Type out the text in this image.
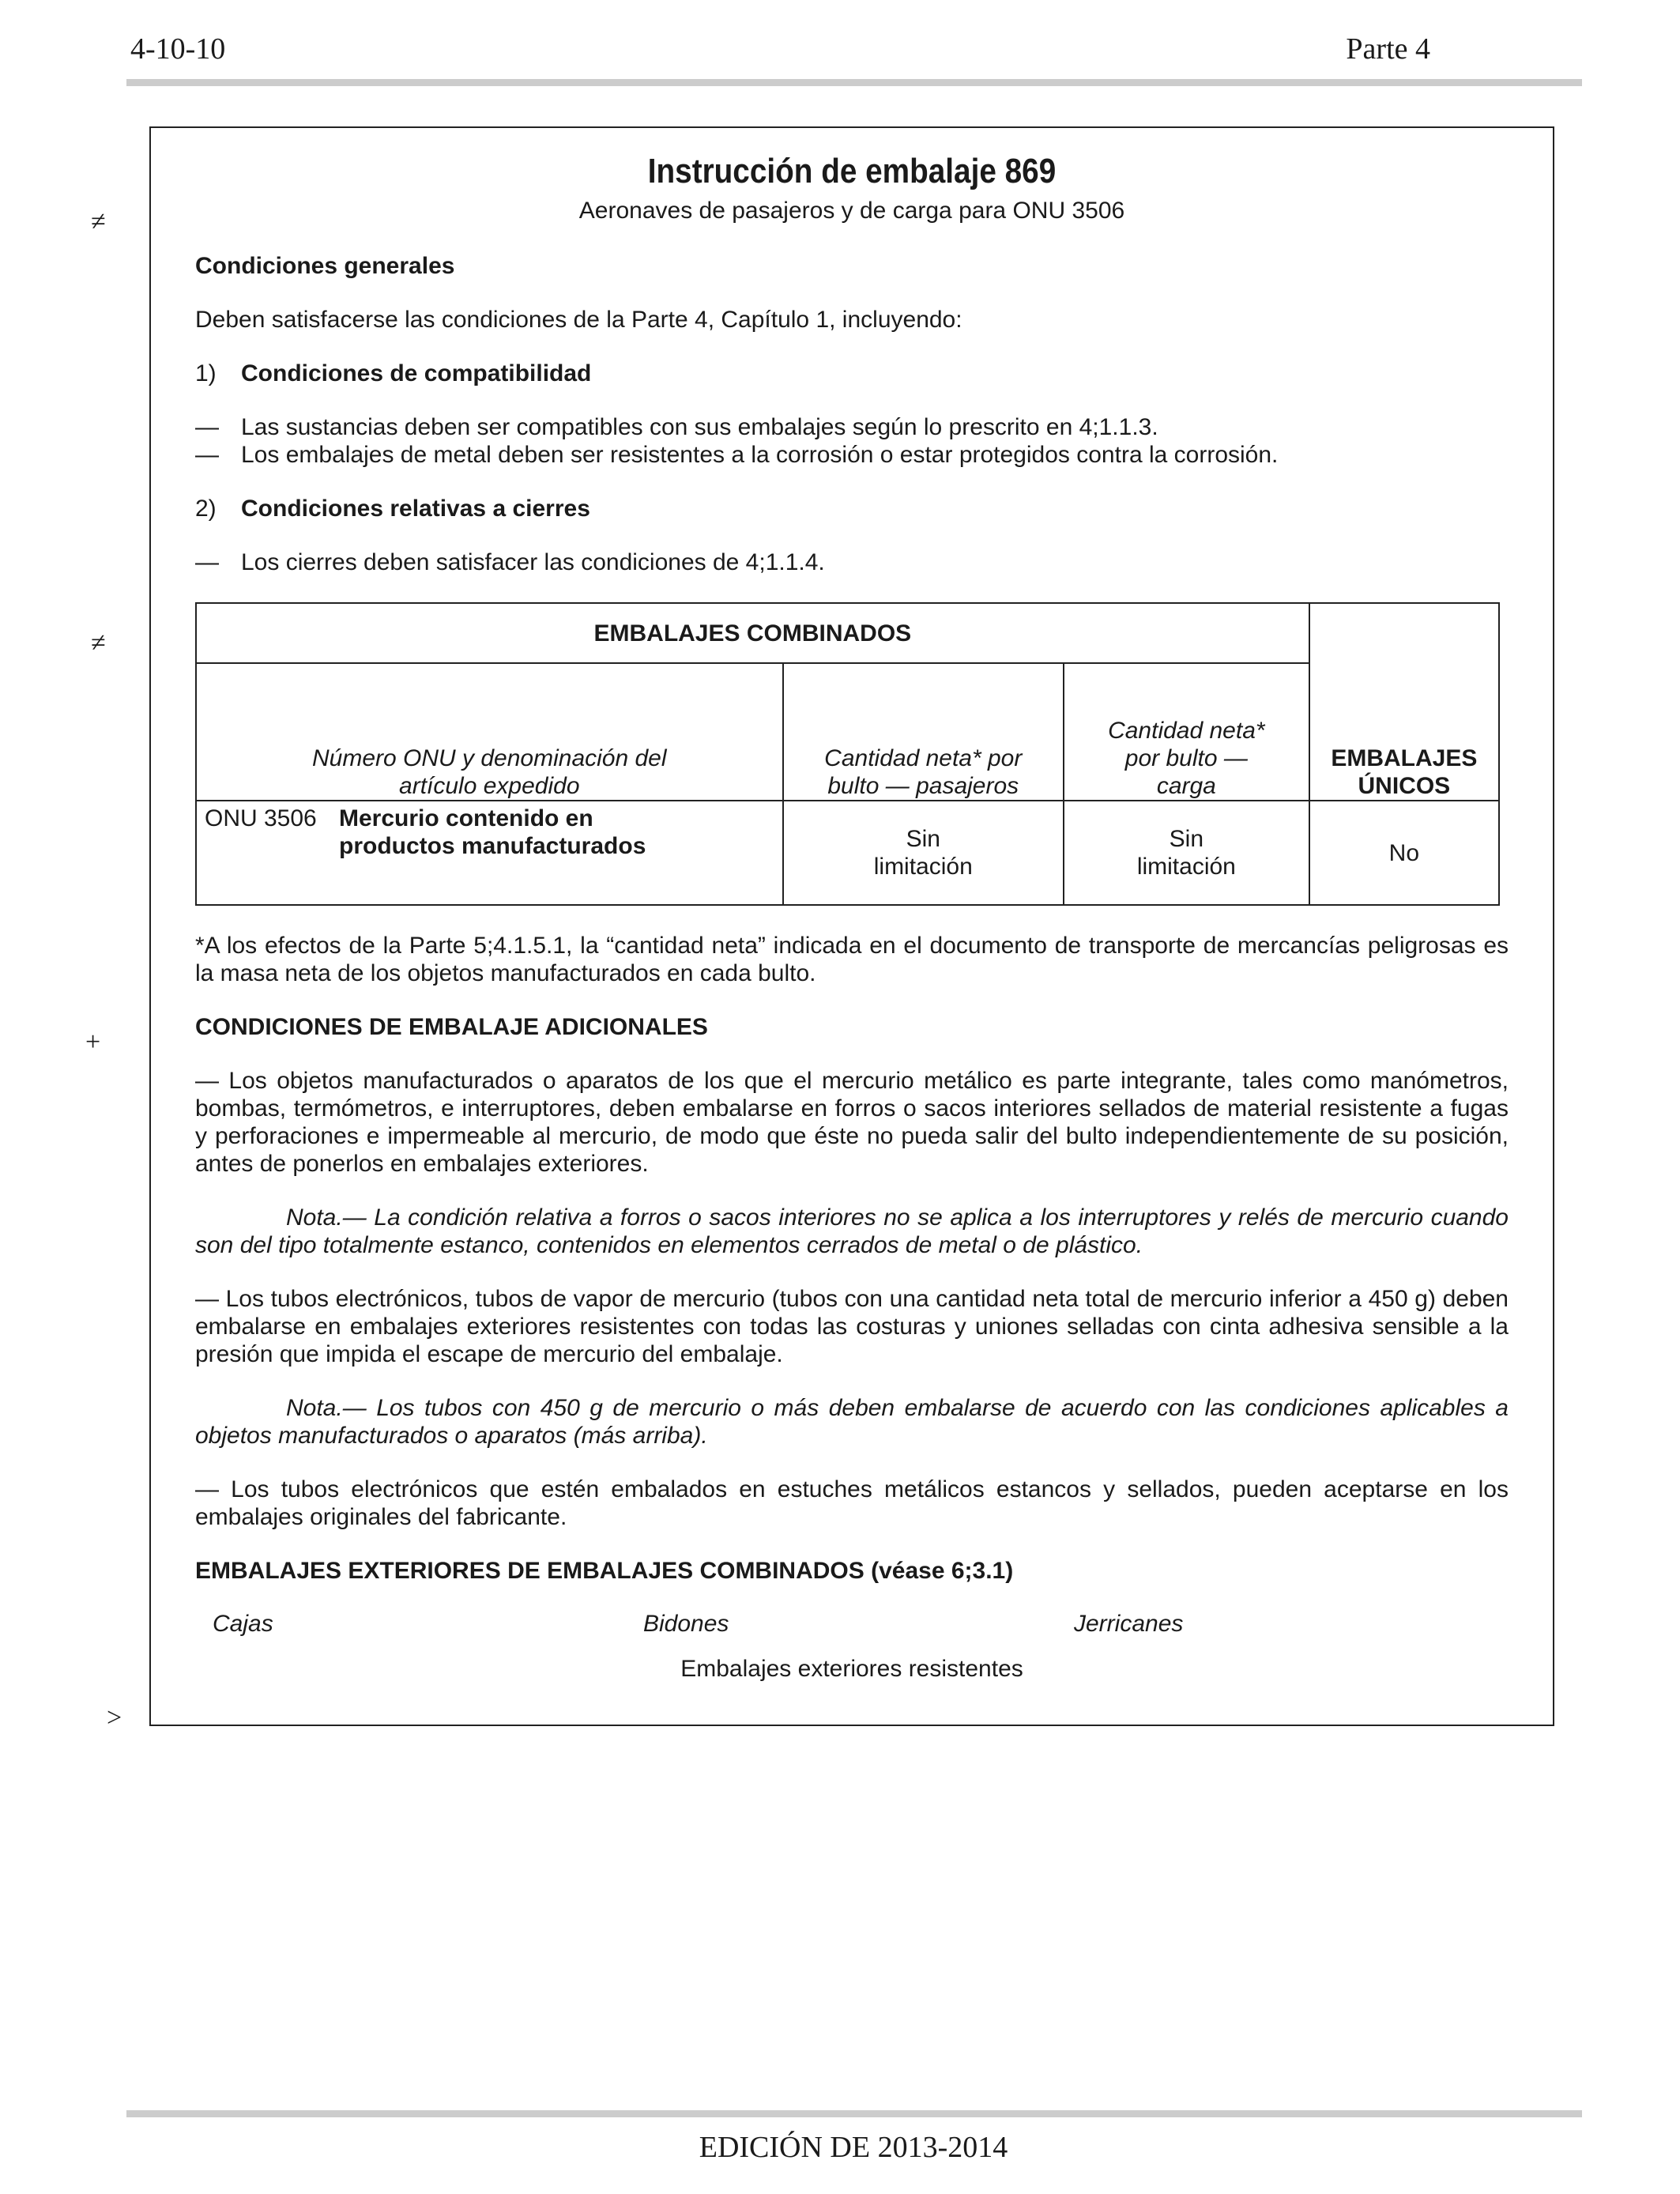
4-10-10	Parte 4
≠
≠
+
>
Instrucción de embalaje 869
Aeronaves de pasajeros y de carga para ONU 3506

Condiciones generales

Deben satisfacerse las condiciones de la Parte 4, Capítulo 1, incluyendo:

1)	Condiciones de compatibilidad
— Las sustancias deben ser compatibles con sus embalajes según lo prescrito en 4;1.1.3.
— Los embalajes de metal deben ser resistentes a la corrosión o estar protegidos contra la corrosión.
2)	Condiciones relativas a cierres
— Los cierres deben satisfacer las condiciones de 4;1.1.4.
EMBALAJES COMBINADOS			EMBALAJES ÚNICOS
Número ONU y denominación del artículo expedido	Cantidad neta* por bulto — pasajeros	Cantidad neta* por bulto — carga	

ONU 3506 Mercurio contenido en productos manufacturados	Sin limitación	Sin limitación	No

*A los efectos de la Parte 5;4.1.5.1, la “cantidad neta” indicada en el documento de transporte de mercancías peligrosas es la masa neta de los objetos manufacturados en cada bulto.

CONDICIONES DE EMBALAJE ADICIONALES

— Los objetos manufacturados o aparatos de los que el mercurio metálico es parte integrante, tales como manómetros, bombas, termómetros, e interruptores, deben embalarse en forros o sacos interiores sellados de material resistente a fugas y perforaciones e impermeable al mercurio, de modo que éste no pueda salir del bulto independientemente de su posición, antes de ponerlos en embalajes exteriores.

Nota.— La condición relativa a forros o sacos interiores no se aplica a los interruptores y relés de mercurio cuando son del tipo totalmente estanco, contenidos en elementos cerrados de metal o de plástico.

— Los tubos electrónicos, tubos de vapor de mercurio (tubos con una cantidad neta total de mercurio inferior a 450 g) deben embalarse en embalajes exteriores resistentes con todas las costuras y uniones selladas con cinta adhesiva sensible a la presión que impida el escape de mercurio del embalaje.

Nota.— Los tubos con 450 g de mercurio o más deben embalarse de acuerdo con las condiciones aplicables a objetos manufacturados o aparatos (más arriba).

— Los tubos electrónicos que estén embalados en estuches metálicos estancos y sellados, pueden aceptarse en los embalajes originales del fabricante.

EMBALAJES EXTERIORES DE EMBALAJES COMBINADOS (véase 6;3.1)

Cajas	Bidones	Jerricanes

Embalajes exteriores resistentes

EDICIÓN DE 2013-2014
